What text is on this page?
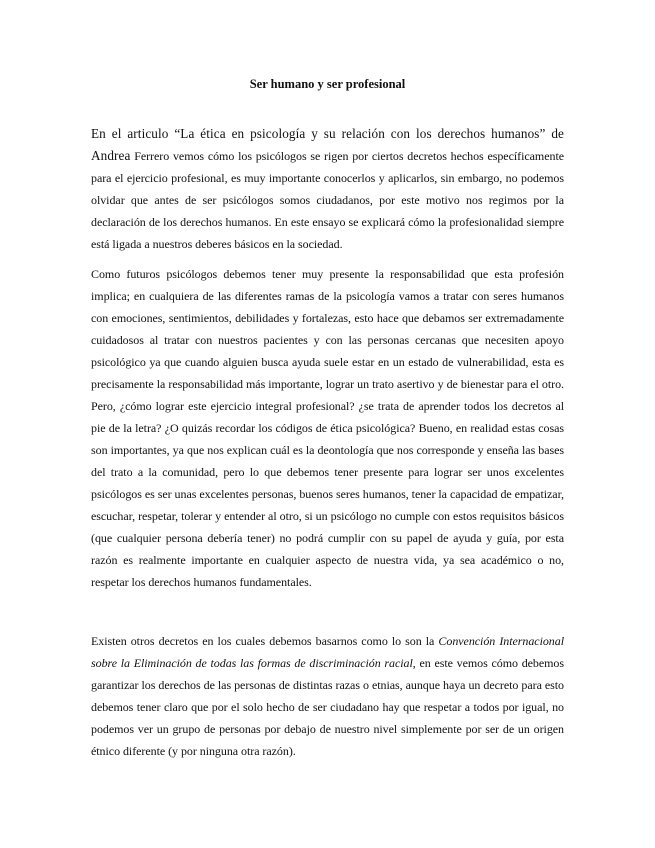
Ser humano y ser profesional

En el articulo “La ética en psicología y su relación con los derechos humanos” de Andrea Ferrero vemos cómo los psicólogos se rigen por ciertos decretos hechos específicamente para el ejercicio profesional, es muy importante conocerlos y aplicarlos, sin embargo, no podemos olvidar que antes de ser psicólogos somos ciudadanos, por este motivo nos regimos por la declaración de los derechos humanos. En este ensayo se explicará cómo la profesionalidad siempre está ligada a nuestros deberes básicos en la sociedad.

Como futuros psicólogos debemos tener muy presente la responsabilidad que esta profesión implica; en cualquiera de las diferentes ramas de la psicología vamos a tratar con seres humanos con emociones, sentimientos, debilidades y fortalezas, esto hace que debamos ser extremadamente cuidadosos al tratar con nuestros pacientes y con las personas cercanas que necesiten apoyo psicológico ya que cuando alguien busca ayuda suele estar en un estado de vulnerabilidad, esta es precisamente la responsabilidad más importante, lograr un trato asertivo y de bienestar para el otro. Pero, ¿cómo lograr este ejercicio integral profesional? ¿se trata de aprender todos los decretos al pie de la letra? ¿O quizás recordar los códigos de ética psicológica? Bueno, en realidad estas cosas son importantes, ya que nos explican cuál es la deontología que nos corresponde y enseña las bases del trato a la comunidad, pero lo que debemos tener presente para lograr ser unos excelentes psicólogos es ser unas excelentes personas, buenos seres humanos, tener la capacidad de empatizar, escuchar, respetar, tolerar y entender al otro, si un psicólogo no cumple con estos requisitos básicos (que cualquier persona debería tener) no podrá cumplir con su papel de ayuda y guía, por esta razón es realmente importante en cualquier aspecto de nuestra vida, ya sea académico o no, respetar los derechos humanos fundamentales.

Existen otros decretos en los cuales debemos basarnos como lo son la Convención Internacional sobre la Eliminación de todas las formas de discriminación racial, en este vemos cómo debemos garantizar los derechos de las personas de distintas razas o etnias, aunque haya un decreto para esto debemos tener claro que por el solo hecho de ser ciudadano hay que respetar a todos por igual, no podemos ver un grupo de personas por debajo de nuestro nivel simplemente por ser de un origen étnico diferente (y por ninguna otra razón).
